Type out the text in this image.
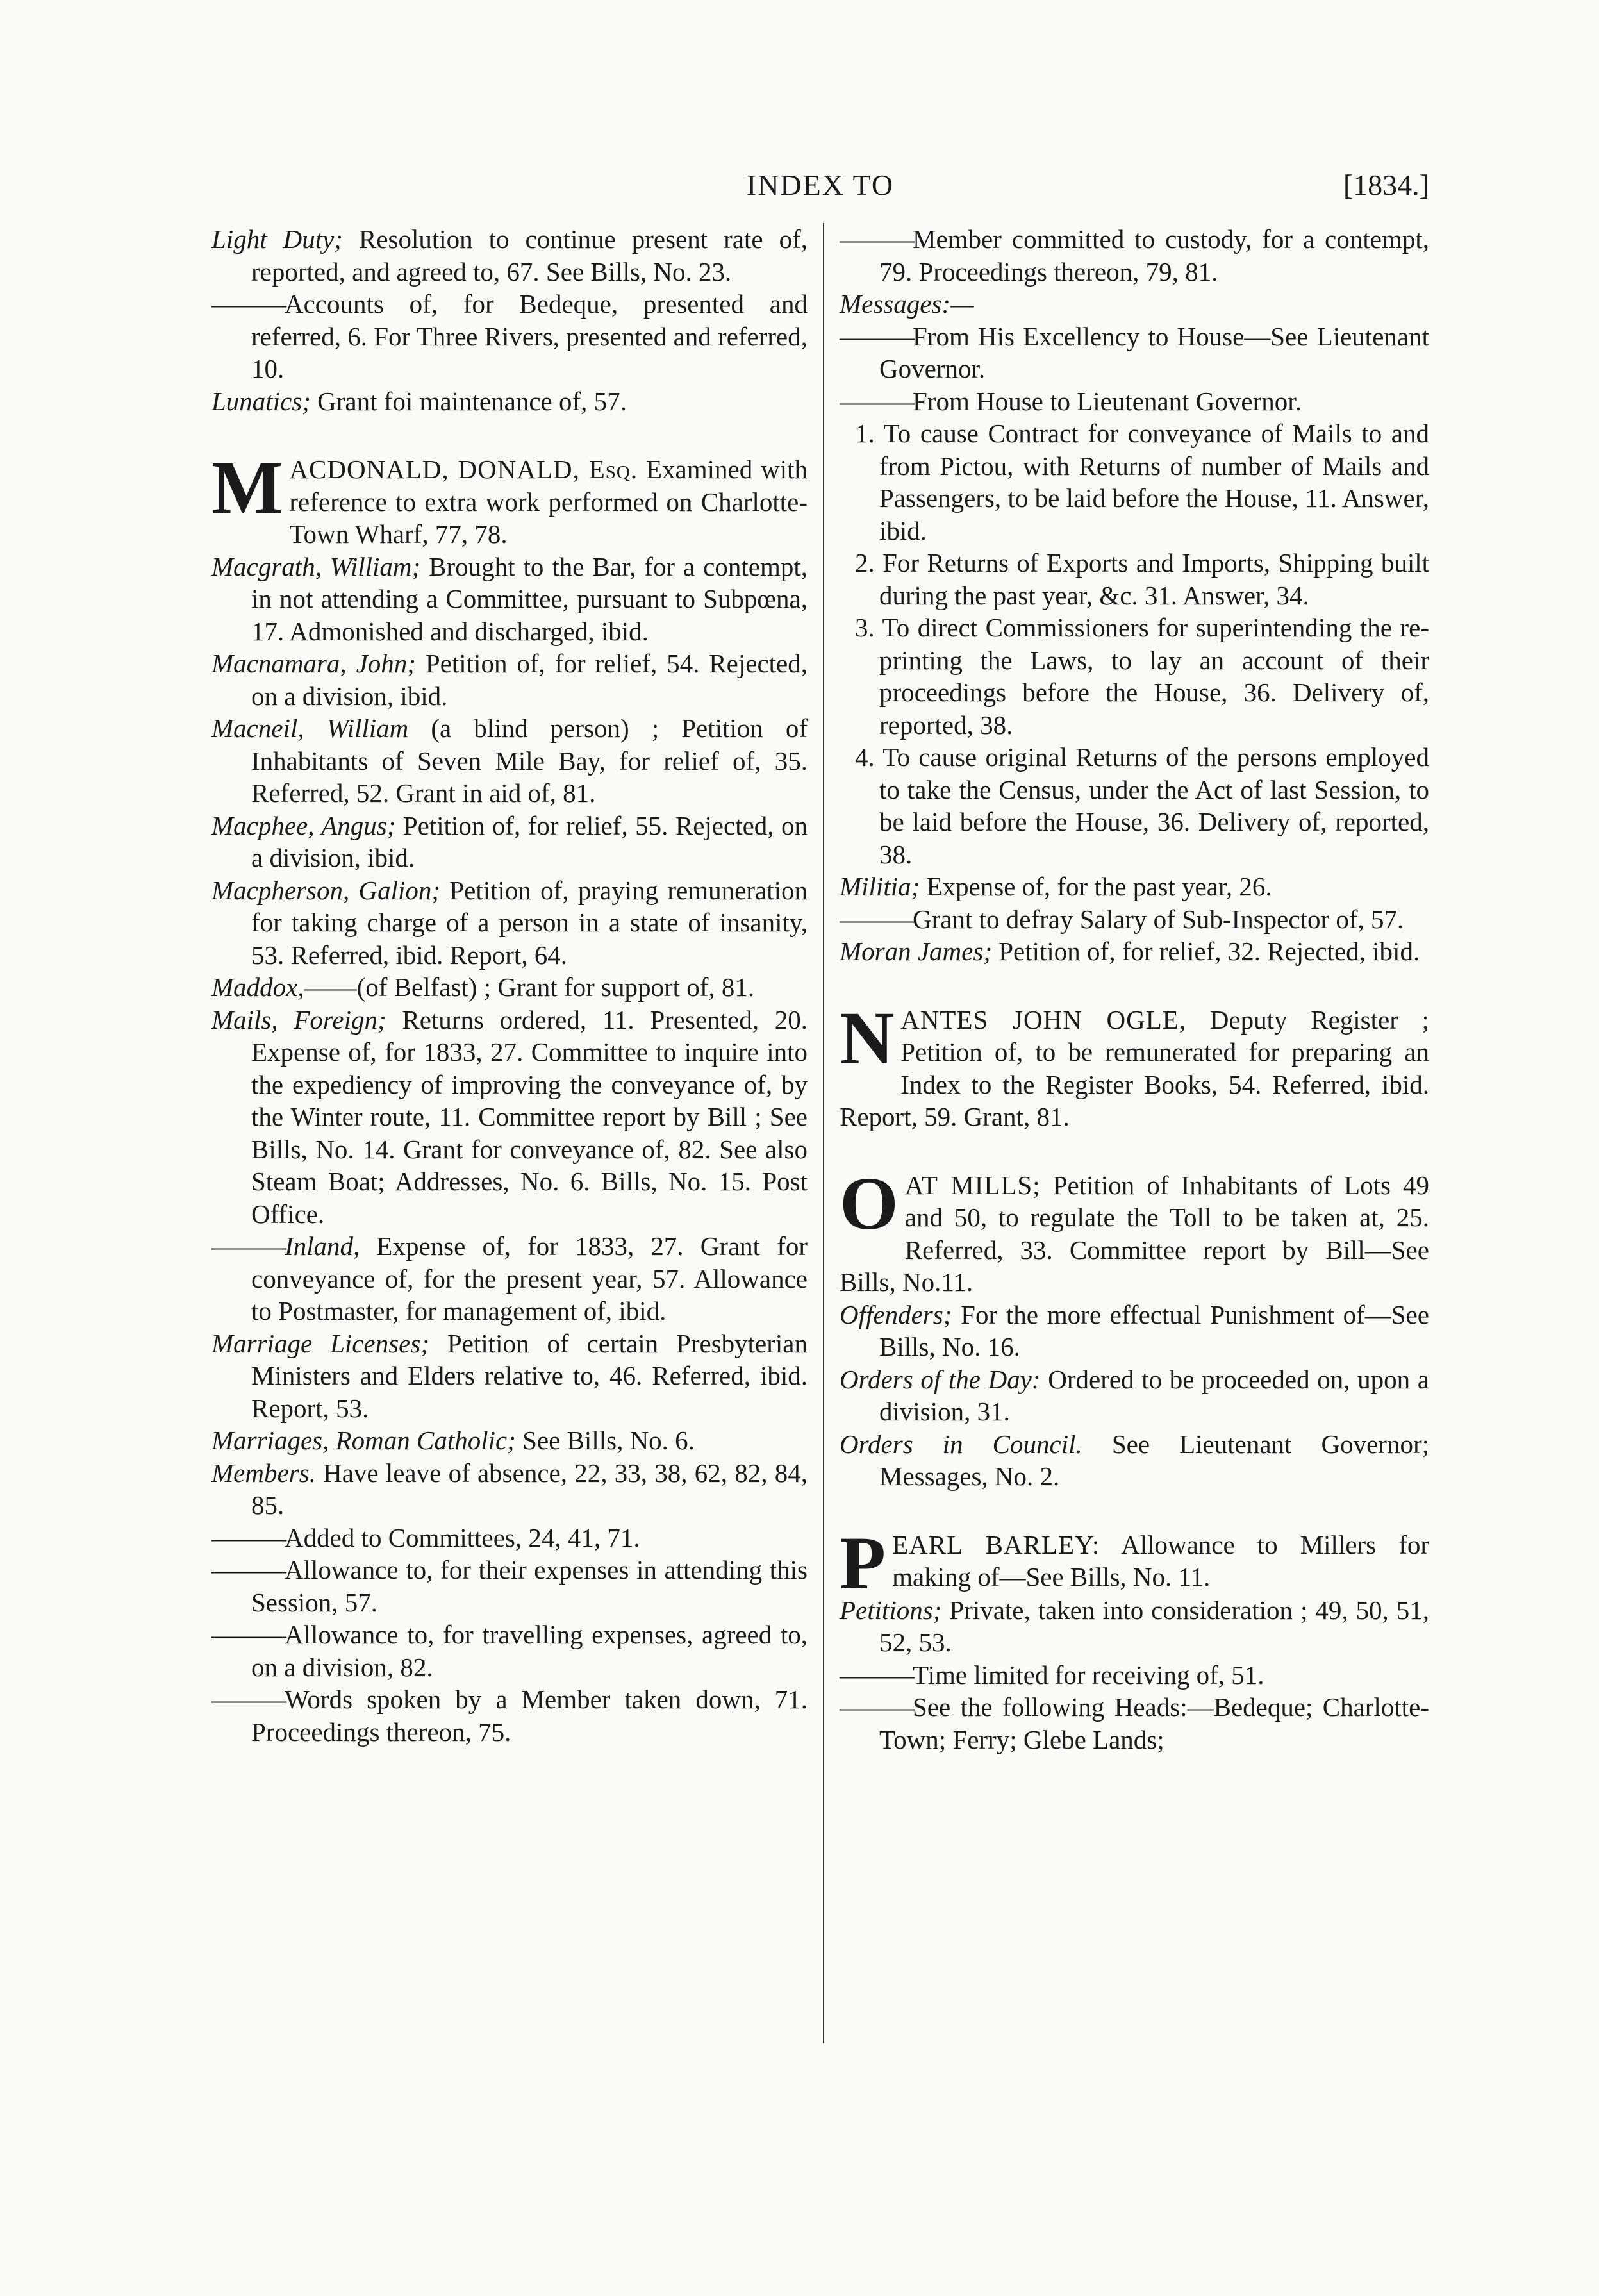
INDEX TO	[1834.]
Light Duty; Resolution to continue present rate of, reported, and agreed to, 67. See Bills, No. 23.
———Accounts of, for Bedeque, presented and referred, 6. For Three Rivers, presented and referred, 10.
Lunatics; Grant foi maintenance of, 57.
MACDONALD, DONALD, Esq. Examined with reference to extra work performed on Charlotte-Town Wharf, 77, 78.
Macgrath, William; Brought to the Bar, for a contempt, in not attending a Committee, pursuant to Subpœna, 17. Admonished and discharged, ibid.
Macnamara, John; Petition of, for relief, 54. Rejected, on a division, ibid.
Macneil, William (a blind person) ; Petition of Inhabitants of Seven Mile Bay, for relief of, 35. Referred, 52. Grant in aid of, 81.
Macphee, Angus; Petition of, for relief, 55. Rejected, on a division, ibid.
Macpherson, Galion; Petition of, praying remuneration for taking charge of a person in a state of insanity, 53. Referred, ibid. Report, 64.
Maddox,——(of Belfast) ; Grant for support of, 81.
Mails, Foreign; Returns ordered, 11. Presented, 20. Expense of, for 1833, 27. Committee to inquire into the expediency of improving the conveyance of, by the Winter route, 11. Committee report by Bill ; See Bills, No. 14. Grant for conveyance of, 82. See also Steam Boat; Addresses, No. 6. Bills, No. 15. Post Office.
———Inland, Expense of, for 1833, 27. Grant for conveyance of, for the present year, 57. Allowance to Postmaster, for management of, ibid.
Marriage Licenses; Petition of certain Presbyterian Ministers and Elders relative to, 46. Referred, ibid. Report, 53.
Marriages, Roman Catholic; See Bills, No. 6.
Members. Have leave of absence, 22, 33, 38, 62, 82, 84, 85.
———Added to Committees, 24, 41, 71.
———Allowance to, for their expenses in attending this Session, 57.
———Allowance to, for travelling expenses, agreed to, on a division, 82.
———Words spoken by a Member taken down, 71. Proceedings thereon, 75.
———Member committed to custody, for a contempt, 79. Proceedings thereon, 79, 81.
Messages:—
———From His Excellency to House—See Lieutenant Governor.
———From House to Lieutenant Governor.
1. To cause Contract for conveyance of Mails to and from Pictou, with Returns of number of Mails and Passengers, to be laid before the House, 11. Answer, ibid.
2. For Returns of Exports and Imports, Shipping built during the past year, &c. 31. Answer, 34.
3. To direct Commissioners for superintending the re-printing the Laws, to lay an account of their proceedings before the House, 36. Delivery of, reported, 38.
4. To cause original Returns of the persons employed to take the Census, under the Act of last Session, to be laid before the House, 36. Delivery of, reported, 38.
Militia; Expense of, for the past year, 26.
———Grant to defray Salary of Sub-Inspector of, 57.
Moran James; Petition of, for relief, 32. Rejected, ibid.
NANTES JOHN OGLE, Deputy Register ; Petition of, to be remunerated for preparing an Index to the Register Books, 54. Referred, ibid. Report, 59. Grant, 81.
OAT MILLS; Petition of Inhabitants of Lots 49 and 50, to regulate the Toll to be taken at, 25. Referred, 33. Committee report by Bill—See Bills, No.11.
Offenders; For the more effectual Punishment of—See Bills, No. 16.
Orders of the Day: Ordered to be proceeded on, upon a division, 31.
Orders in Council. See Lieutenant Governor; Messages, No. 2.
PEARL BARLEY: Allowance to Millers for making of—See Bills, No. 11.
Petitions; Private, taken into consideration ; 49, 50, 51, 52, 53.
———Time limited for receiving of, 51.
———See the following Heads:—Bedeque; Charlotte-Town; Ferry; Glebe Lands;
